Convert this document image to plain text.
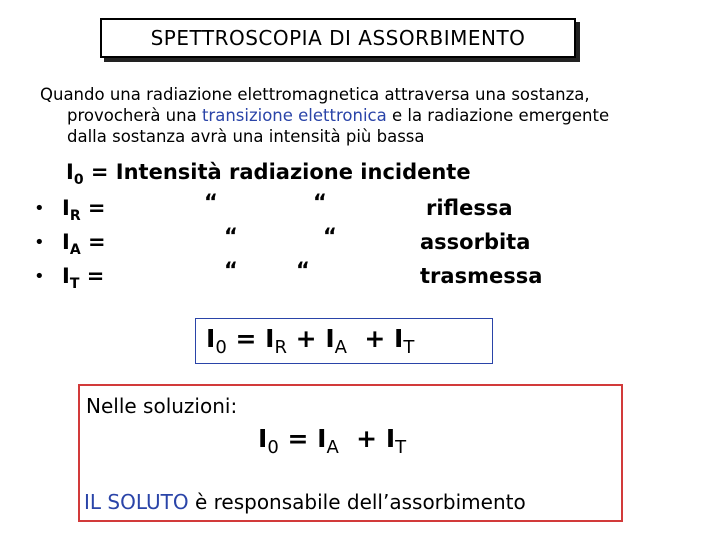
SPETTROSCOPIA DI ASSORBIMENTO
Quando una radiazione elettromagnetica attraversa una sostanza,
provocherà una transizione elettronica e la radiazione emergente
dalla sostanza avrà una intensità più bassa
$I_0$ = Intensità radiazione incidente
• $I_R$ =	“	“	riflessa
• $I_A$ =	“	“	assorbita
• $I_T$ =	“	“	trasmessa
$I_0 = I_R + I_A + I_T$
Nelle soluzioni:
$I_0 = I_A + I_T$
IL SOLUTO è responsabile dell’assorbimento
